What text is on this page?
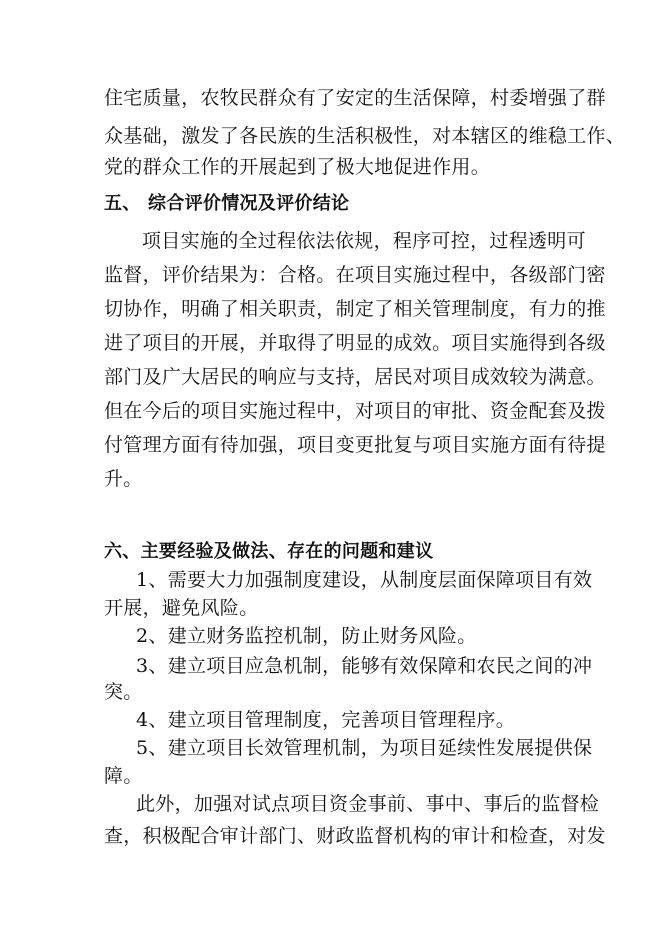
住宅质量，农牧民群众有了安定的生活保障，村委增强了群
众基础，激发了各民族的生活积极性，对本辖区的维稳工作、
党的群众工作的开展起到了极大地促进作用。
五、 综合评价情况及评价结论
项目实施的全过程依法依规，程序可控，过程透明可
监督，评价结果为：合格。在项目实施过程中，各级部门密
切协作，明确了相关职责，制定了相关管理制度，有力的推
进了项目的开展，并取得了明显的成效。项目实施得到各级
部门及广大居民的响应与支持，居民对项目成效较为满意。
但在今后的项目实施过程中，对项目的审批、资金配套及拨
付管理方面有待加强，项目变更批复与项目实施方面有待提
升。
六、主要经验及做法、存在的问题和建议
1、需要大力加强制度建设，从制度层面保障项目有效
开展，避免风险。
2、建立财务监控机制，防止财务风险。
3、建立项目应急机制，能够有效保障和农民之间的冲
突。
4、建立项目管理制度，完善项目管理程序。
5、建立项目长效管理机制，为项目延续性发展提供保
障。
此外，加强对试点项目资金事前、事中、事后的监督检
查，积极配合审计部门、财政监督机构的审计和检查，对发
